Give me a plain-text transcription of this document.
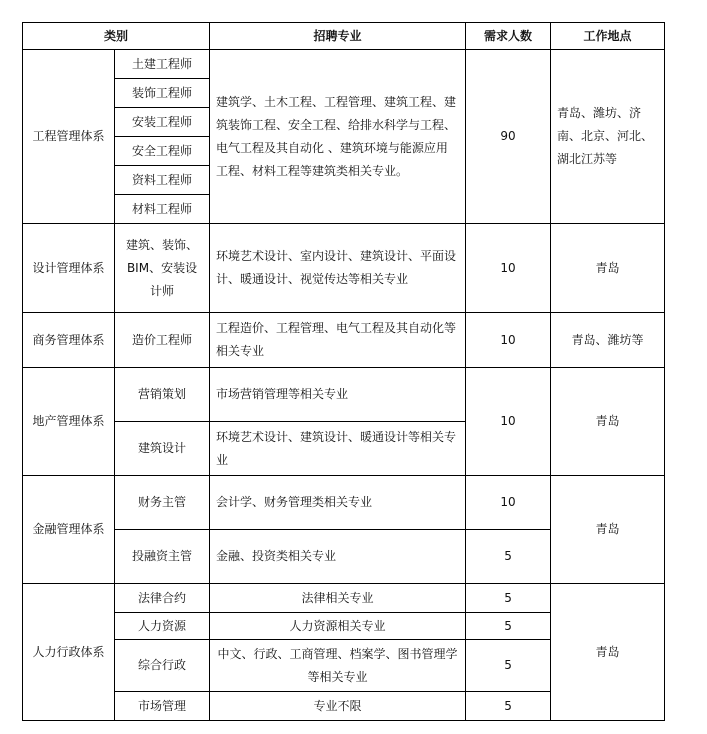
类别		招聘专业	需求人数	工作地点
工程管理体系	土建工程师	建筑学、土木工程、工程管理、建筑工程、建筑装饰工程、安全工程、给排水科学与工程、电气工程及其自动化 、建筑环境与能源应用工程、材料工程等建筑类相关专业。	90	青岛、潍坊、济南、北京、河北、湖北江苏等
	装饰工程师			
	安装工程师			
	安全工程师			
	资料工程师			
	材料工程师			
设计管理体系	建筑、装饰、BIM、安装设计师	环境艺术设计、室内设计、建筑设计、平面设计、暖通设计、视觉传达等相关专业	10	青岛
商务管理体系	造价工程师	工程造价、工程管理、电气工程及其自动化等相关专业	10	青岛、潍坊等
地产管理体系	营销策划	市场营销管理等相关专业	10	青岛
	建筑设计	环境艺术设计、建筑设计、暖通设计等相关专业		
金融管理体系	财务主管	会计学、财务管理类相关专业	10	青岛
	投融资主管	金融、投资类相关专业	5	
人力行政体系	法律合约	法律相关专业	5	青岛
	人力资源	人力资源相关专业	5	
	综合行政	中文、行政、工商管理、档案学、图书管理学等相关专业	5	
	市场管理	专业不限	5	
